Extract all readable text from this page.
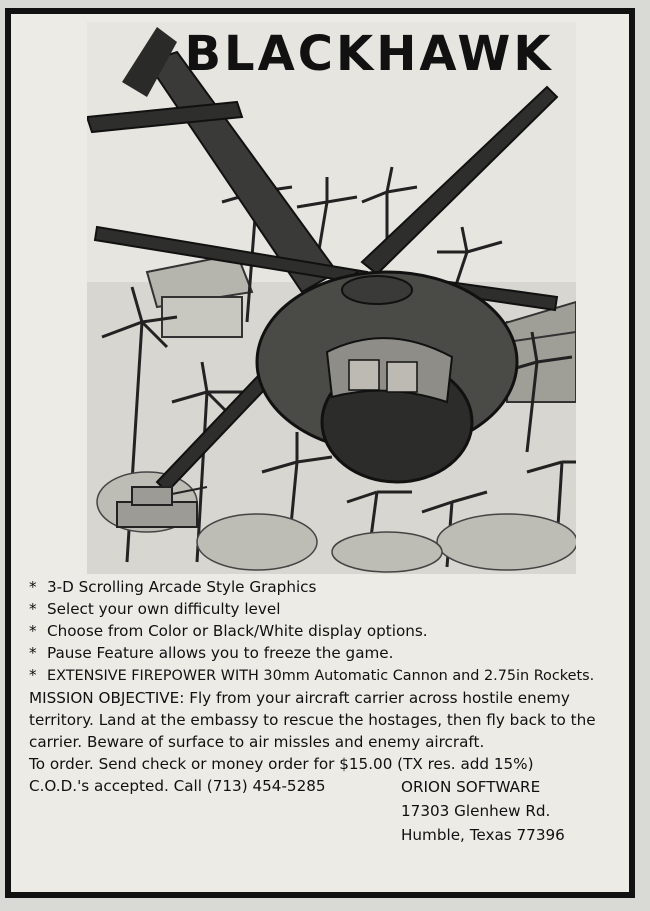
BLACKHAWK
* 3-D Scrolling Arcade Style Graphics
* Select your own difficulty level
* Choose from Color or Black/White display options.
* Pause Feature allows you to freeze the game.
* EXTENSIVE FIREPOWER WITH 30mm Automatic Cannon and 2.75in Rockets.
MISSION OBJECTIVE: Fly from your aircraft carrier across hostile enemy territory. Land at the embassy to rescue the hostages, then fly back to the carrier. Beware of surface to air missles and enemy aircraft.
To order. Send check or money order for $15.00 (TX res. add 15%)
C.O.D.'s accepted. Call (713) 454-5285	ORION SOFTWARE
17303 Glenhew Rd.
Humble, Texas 77396
